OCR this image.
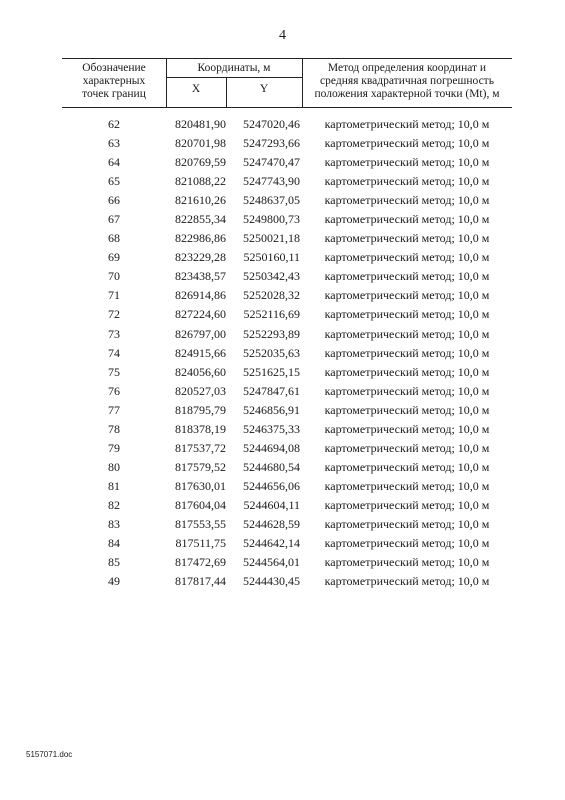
4
Обозначение
характерных
точек границ
Координаты, м
X	Y
Метод определения координат и
средняя квадратичная погрешность
положения характерной точки (Mt), м
62	820481,90	5247020,46	картометрический метод; 10,0 м
63	820701,98	5247293,66	картометрический метод; 10,0 м
64	820769,59	5247470,47	картометрический метод; 10,0 м
65	821088,22	5247743,90	картометрический метод; 10,0 м
66	821610,26	5248637,05	картометрический метод; 10,0 м
67	822855,34	5249800,73	картометрический метод; 10,0 м
68	822986,86	5250021,18	картометрический метод; 10,0 м
69	823229,28	5250160,11	картометрический метод; 10,0 м
70	823438,57	5250342,43	картометрический метод; 10,0 м
71	826914,86	5252028,32	картометрический метод; 10,0 м
72	827224,60	5252116,69	картометрический метод; 10,0 м
73	826797,00	5252293,89	картометрический метод; 10,0 м
74	824915,66	5252035,63	картометрический метод; 10,0 м
75	824056,60	5251625,15	картометрический метод; 10,0 м
76	820527,03	5247847,61	картометрический метод; 10,0 м
77	818795,79	5246856,91	картометрический метод; 10,0 м
78	818378,19	5246375,33	картометрический метод; 10,0 м
79	817537,72	5244694,08	картометрический метод; 10,0 м
80	817579,52	5244680,54	картометрический метод; 10,0 м
81	817630,01	5244656,06	картометрический метод; 10,0 м
82	817604,04	5244604,11	картометрический метод; 10,0 м
83	817553,55	5244628,59	картометрический метод; 10,0 м
84	817511,75	5244642,14	картометрический метод; 10,0 м
85	817472,69	5244564,01	картометрический метод; 10,0 м
49	817817,44	5244430,45	картометрический метод; 10,0 м
5157071.doc
